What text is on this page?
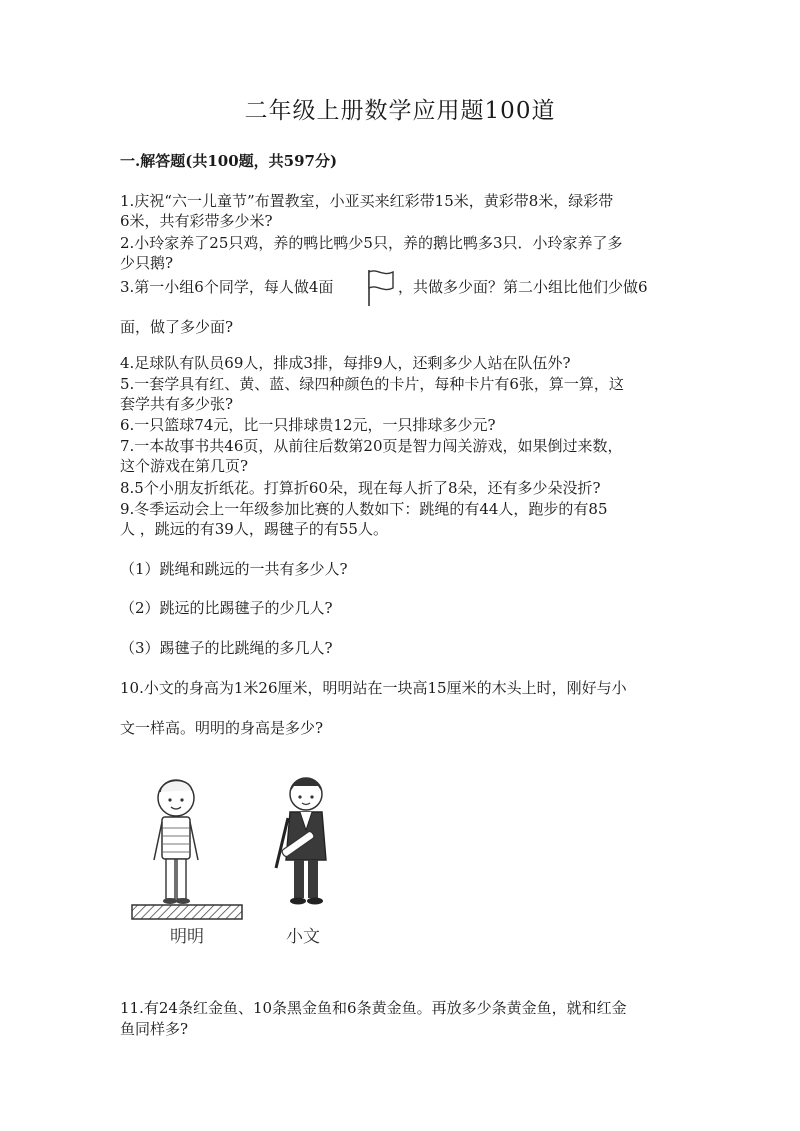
二年级上册数学应用题100道
一.解答题(共100题，共597分)
1.庆祝“六一儿童节”布置教室，小亚买来红彩带15米，黄彩带8米，绿彩带
6米，共有彩带多少米?
2.小玲家养了25只鸡，养的鸭比鸭少5只，养的鹅比鸭多3只．小玲家养了多
少只鹅?
3.第一小组6个同学，每人做4面	，共做多少面？第二小组比他们少做6
面，做了多少面?
4.足球队有队员69人，排成3排，每排9人，还剩多少人站在队伍外?
5.一套学具有红、黄、蓝、绿四种颜色的卡片，每种卡片有6张，算一算，这
套学共有多少张?
6.一只篮球74元，比一只排球贵12元，一只排球多少元?
7.一本故事书共46页，从前往后数第20页是智力闯关游戏，如果倒过来数，
这个游戏在第几页?
8.5个小朋友折纸花。打算折60朵，现在每人折了8朵，还有多少朵没折?
9.冬季运动会上一年级参加比赛的人数如下：跳绳的有44人，跑步的有85
人 ，跳远的有39人，踢毽子的有55人。
（1）跳绳和跳远的一共有多少人?
（2）跳远的比踢毽子的少几人?
（3）踢毽子的比跳绳的多几人?
10.小文的身高为1米26厘米，明明站在一块高15厘米的木头上时，刚好与小
文一样高。明明的身高是多少?
明明	小文
11.有24条红金鱼、10条黑金鱼和6条黄金鱼。再放多少条黄金鱼，就和红金
鱼同样多?
